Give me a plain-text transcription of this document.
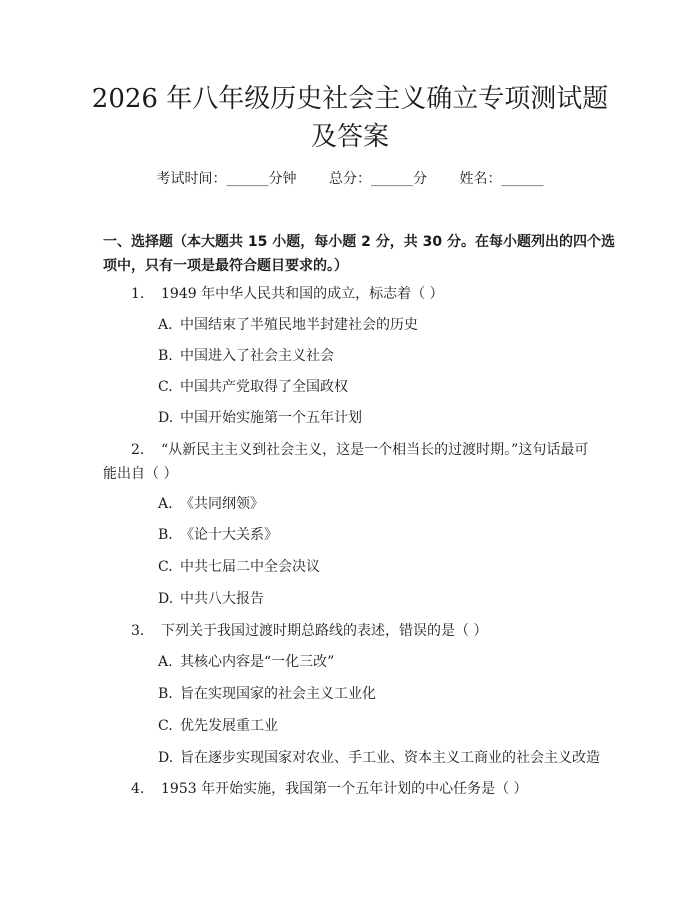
2026 年八年级历史社会主义确立专项测试题
及答案
考试时间：______分钟 总分：______分 姓名：______
一、选择题（本大题共 15 小题，每小题 2 分，共 30 分。在每小题列出的四个选
项中，只有一项是最符合题目要求的。）
1. 1949 年中华人民共和国的成立，标志着（ ）
A. 中国结束了半殖民地半封建社会的历史
B. 中国进入了社会主义社会
C. 中国共产党取得了全国政权
D. 中国开始实施第一个五年计划
2. “从新民主主义到社会主义，这是一个相当长的过渡时期。”这句话最可
能出自（ ）
A. 《共同纲领》
B. 《论十大关系》
C. 中共七届二中全会决议
D. 中共八大报告
3. 下列关于我国过渡时期总路线的表述，错误的是（ ）
A. 其核心内容是“一化三改”
B. 旨在实现国家的社会主义工业化
C. 优先发展重工业
D. 旨在逐步实现国家对农业、手工业、资本主义工商业的社会主义改造
4. 1953 年开始实施，我国第一个五年计划的中心任务是（ ）
